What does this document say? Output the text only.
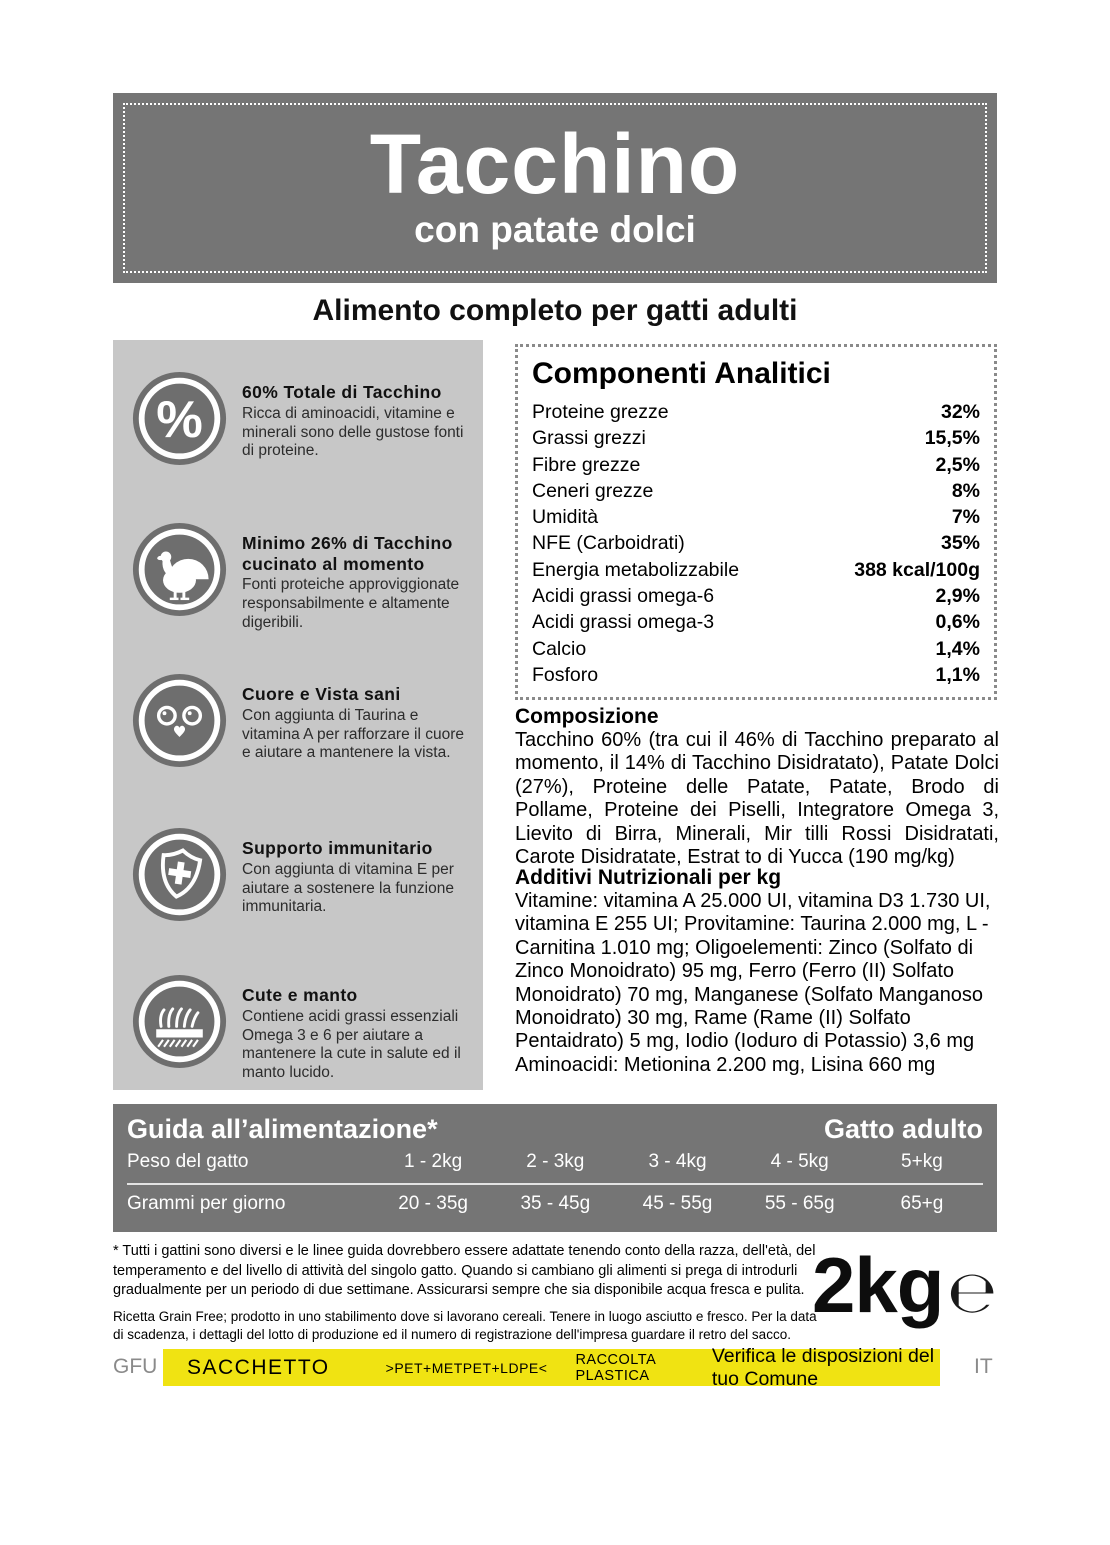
Tacchino
con patate dolci
Alimento completo per gatti adulti
% 60% Totale di Tacchino
Ricca di aminoacidi, vitamine e minerali sono delle gustose fonti di proteine.
Minimo 26% di Tacchino cucinato al momento
Fonti proteiche approviggionate responsabilmente e altamente digeribili.
Cuore e Vista sani
Con aggiunta di Taurina e vitamina A per rafforzare il cuore e aiutare a mantenere la vista.
Supporto immunitario
Con aggiunta di vitamina E per aiutare a sostenere la funzione immunitaria.
Cute e manto
Contiene acidi grassi essenziali Omega 3 e 6 per aiutare a mantenere la cute in salute ed il manto lucido.
Componenti Analitici
Proteine grezze	32%
Grassi grezzi	15,5%
Fibre grezze	2,5%
Ceneri grezze	8%
Umidità	7%
NFE (Carboidrati)	35%
Energia metabolizzabile	388 kcal/100g
Acidi grassi omega-6	2,9%
Acidi grassi omega-3	0,6%
Calcio	1,4%
Fosforo	1,1%
Composizione
Tacchino 60% (tra cui il 46% di Tacchino preparato al momento, il 14% di Tacchino Disidratato), Patate Dolci (27%), Proteine delle Patate, Patate, Brodo di Pollame, Proteine dei Piselli, Integratore Omega 3, Lievito di Birra, Minerali, Mir tilli Rossi Disidratati, Carote Disidratate, Estrat to di Yucca (190 mg/kg)
Additivi Nutrizionali per kg
Vitamine: vitamina A 25.000 UI, vitamina D3 1.730 UI, vitamina E 255 UI; Provitamine: Taurina 2.000 mg, L -Carnitina 1.010 mg; Oligoelementi: Zinco (Solfato di Zinco Monoidrato) 95 mg, Ferro (Ferro (II) Solfato Monoidrato) 70 mg, Manganese (Solfato Manganoso Monoidrato) 30 mg, Rame (Rame (II) Solfato Pentaidrato) 5 mg, Iodio (Ioduro di Potassio) 3,6 mg Aminoacidi: Metionina 2.200 mg, Lisina 660 mg
Guida all’alimentazione*	Gatto adulto
Peso del gatto	1 - 2kg	2 - 3kg	3 - 4kg	4 - 5kg	5+kg
Grammi per giorno	20 - 35g	35 - 45g	45 - 55g	55 - 65g	65+g
* Tutti i gattini sono diversi e le linee guida dovrebbero essere adattate tenendo conto della razza, dell'età, del temperamento e del livello di attività del singolo gatto. Quando si cambiano gli alimenti si prega di introdurli gradualmente per un periodo di due settimane. Assicurarsi sempre che sia disponibile acqua fresca e pulita.
Ricetta Grain Free; prodotto in uno stabilimento dove si lavorano cereali. Tenere in luogo asciutto e fresco. Per la data di scadenza, i dettagli del lotto di produzione ed il numero di registrazione dell'impresa guardare il retro del sacco.
2kg ℮
GFU SACCHETTO	>PET+METPET+LDPE< RACCOLTA PLASTICA
Verifica le disposizioni del tuo Comune
IT
